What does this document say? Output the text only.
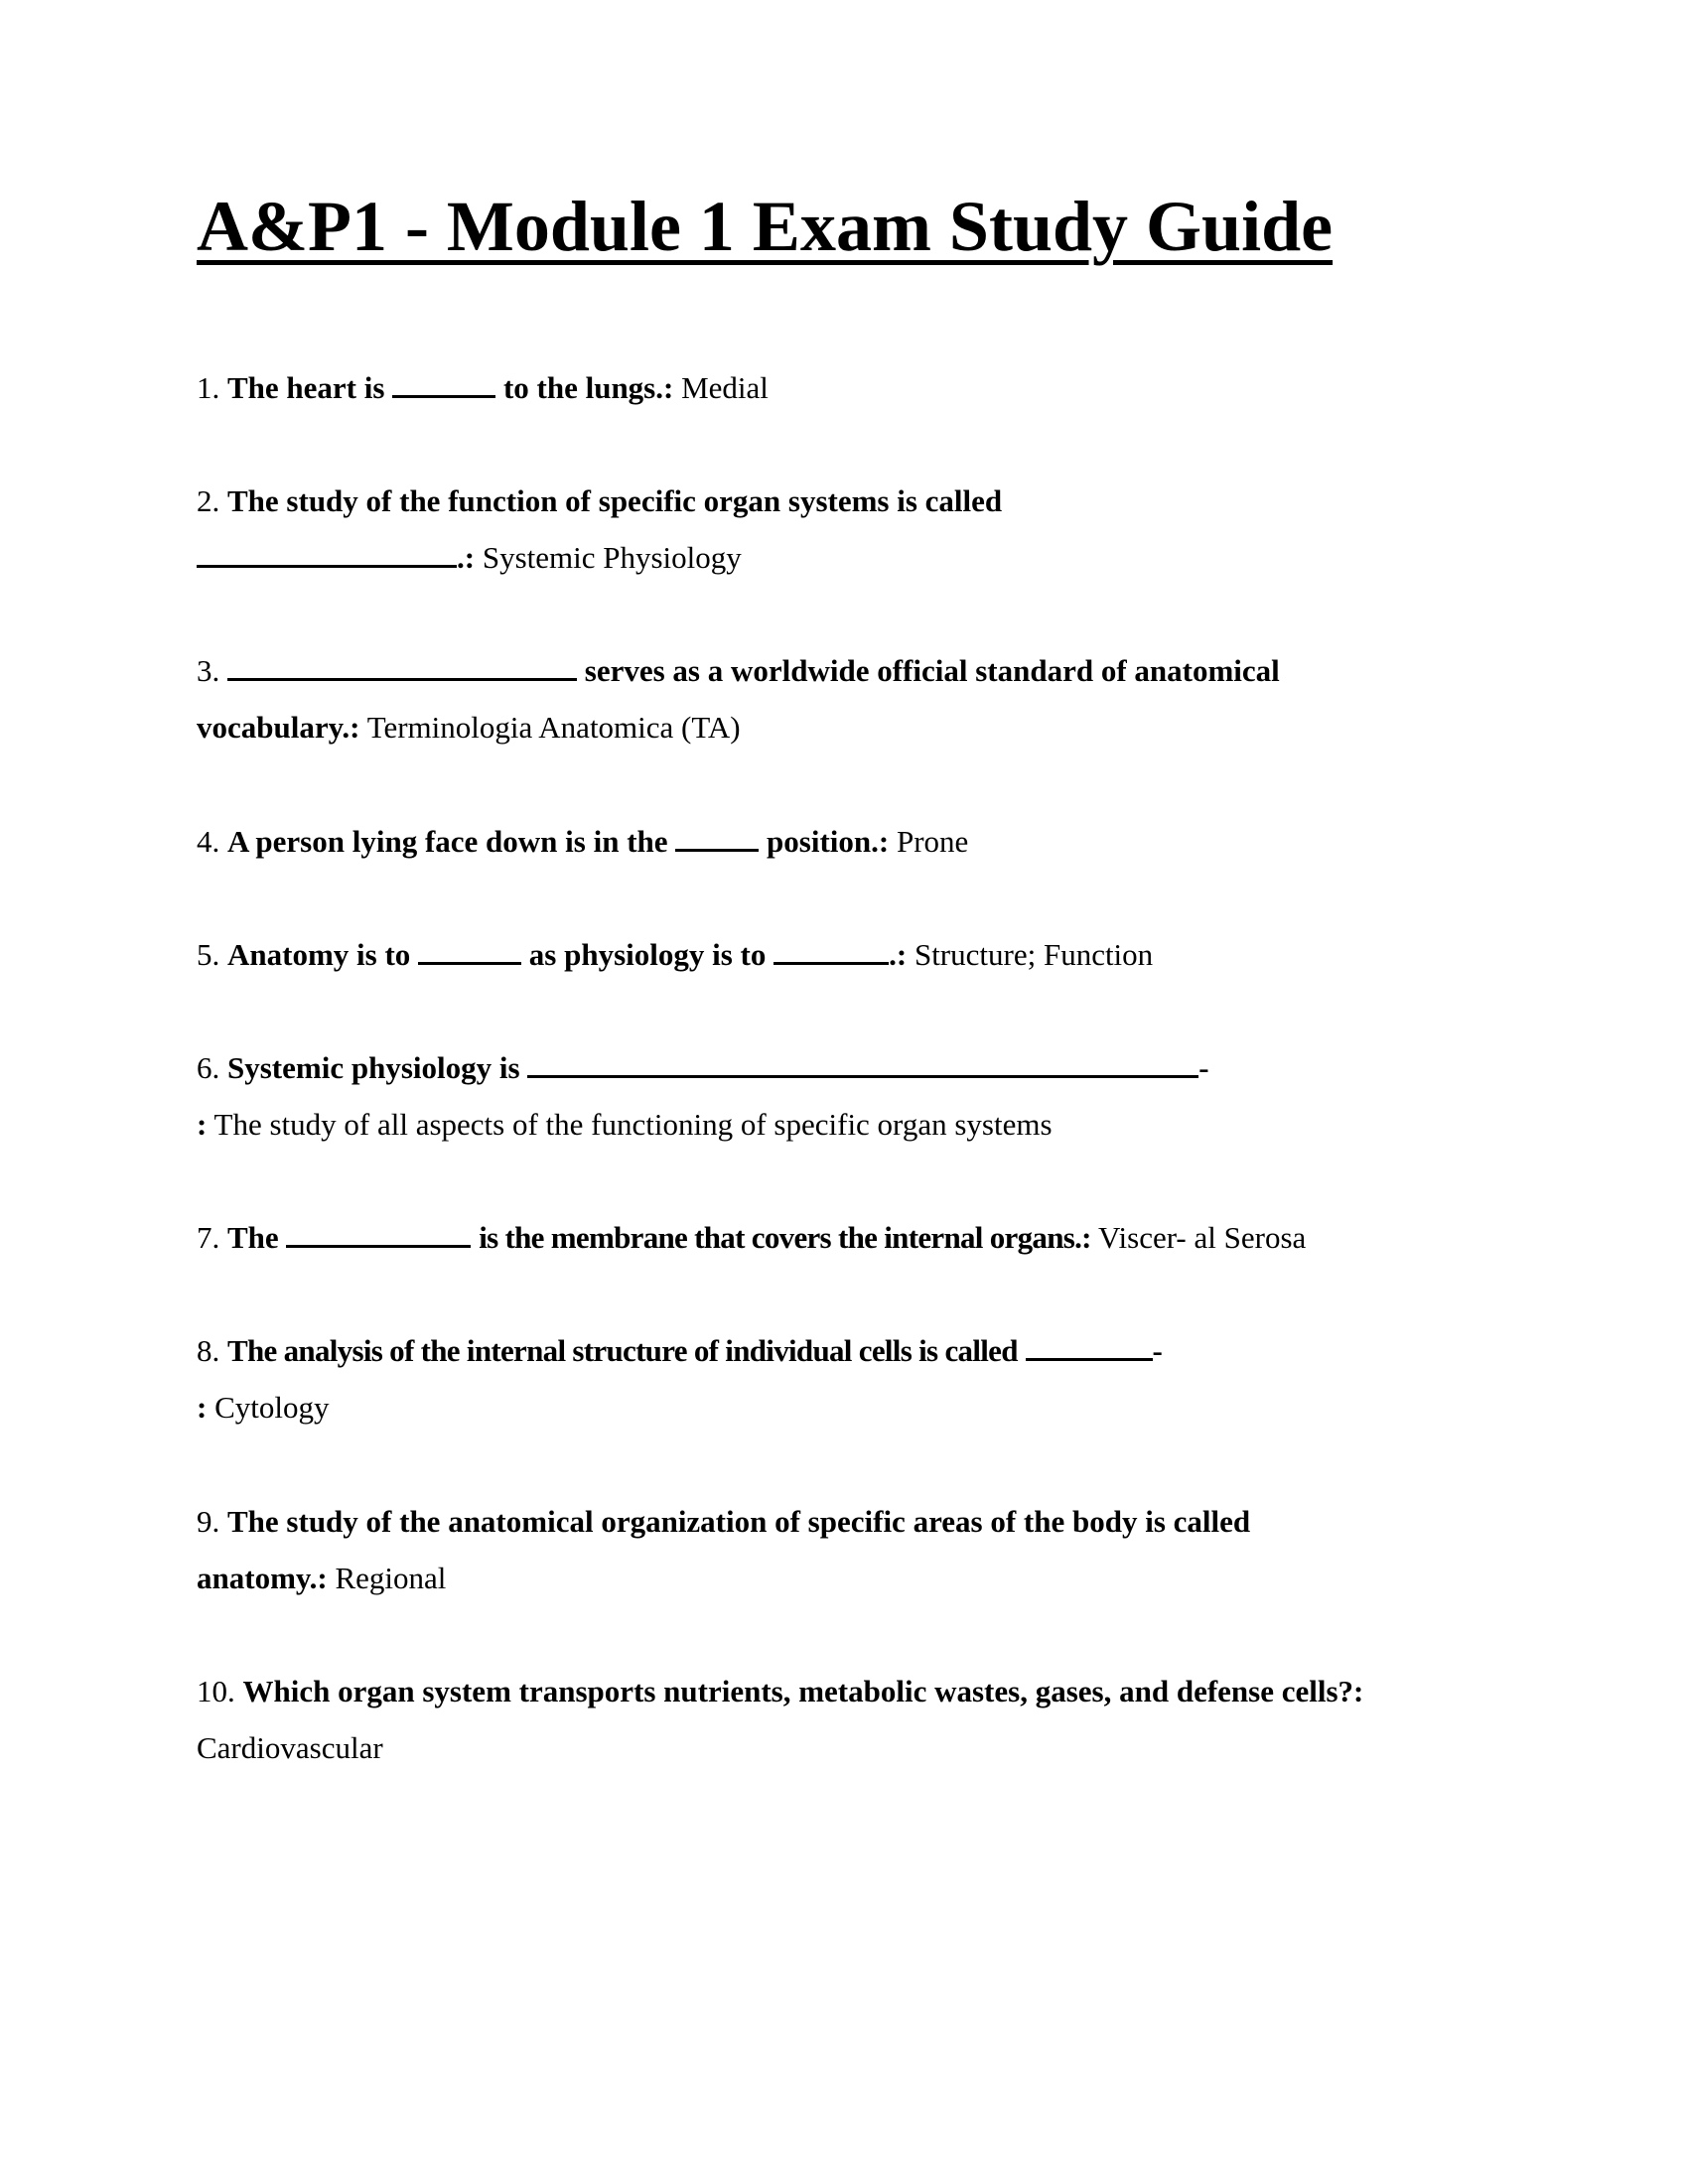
A&P1 - Module 1 Exam Study Guide
1. The heart is	to the lungs.: Medial
2. The study of the function of specific organ systems is called
.: Systemic Physiology
3.	serves as a worldwide official standard of anatomical
vocabulary.: Terminologia Anatomica (TA)
4. A person lying face down is in the	position.: Prone
5. Anatomy is to	as physiology is to	.: Structure; Function
6. Systemic physiology is	-
: The study of all aspects of the functioning of specific organ systems
7. The	is the membrane that covers the internal organs.: Viscer- al Serosa
8. The analysis of the internal structure of individual cells is called	-
: Cytology
9. The study of the anatomical organization of specific areas of the body is called
anatomy.: Regional
10. Which organ system transports nutrients, metabolic wastes, gases, and defense cells?:
Cardiovascular
